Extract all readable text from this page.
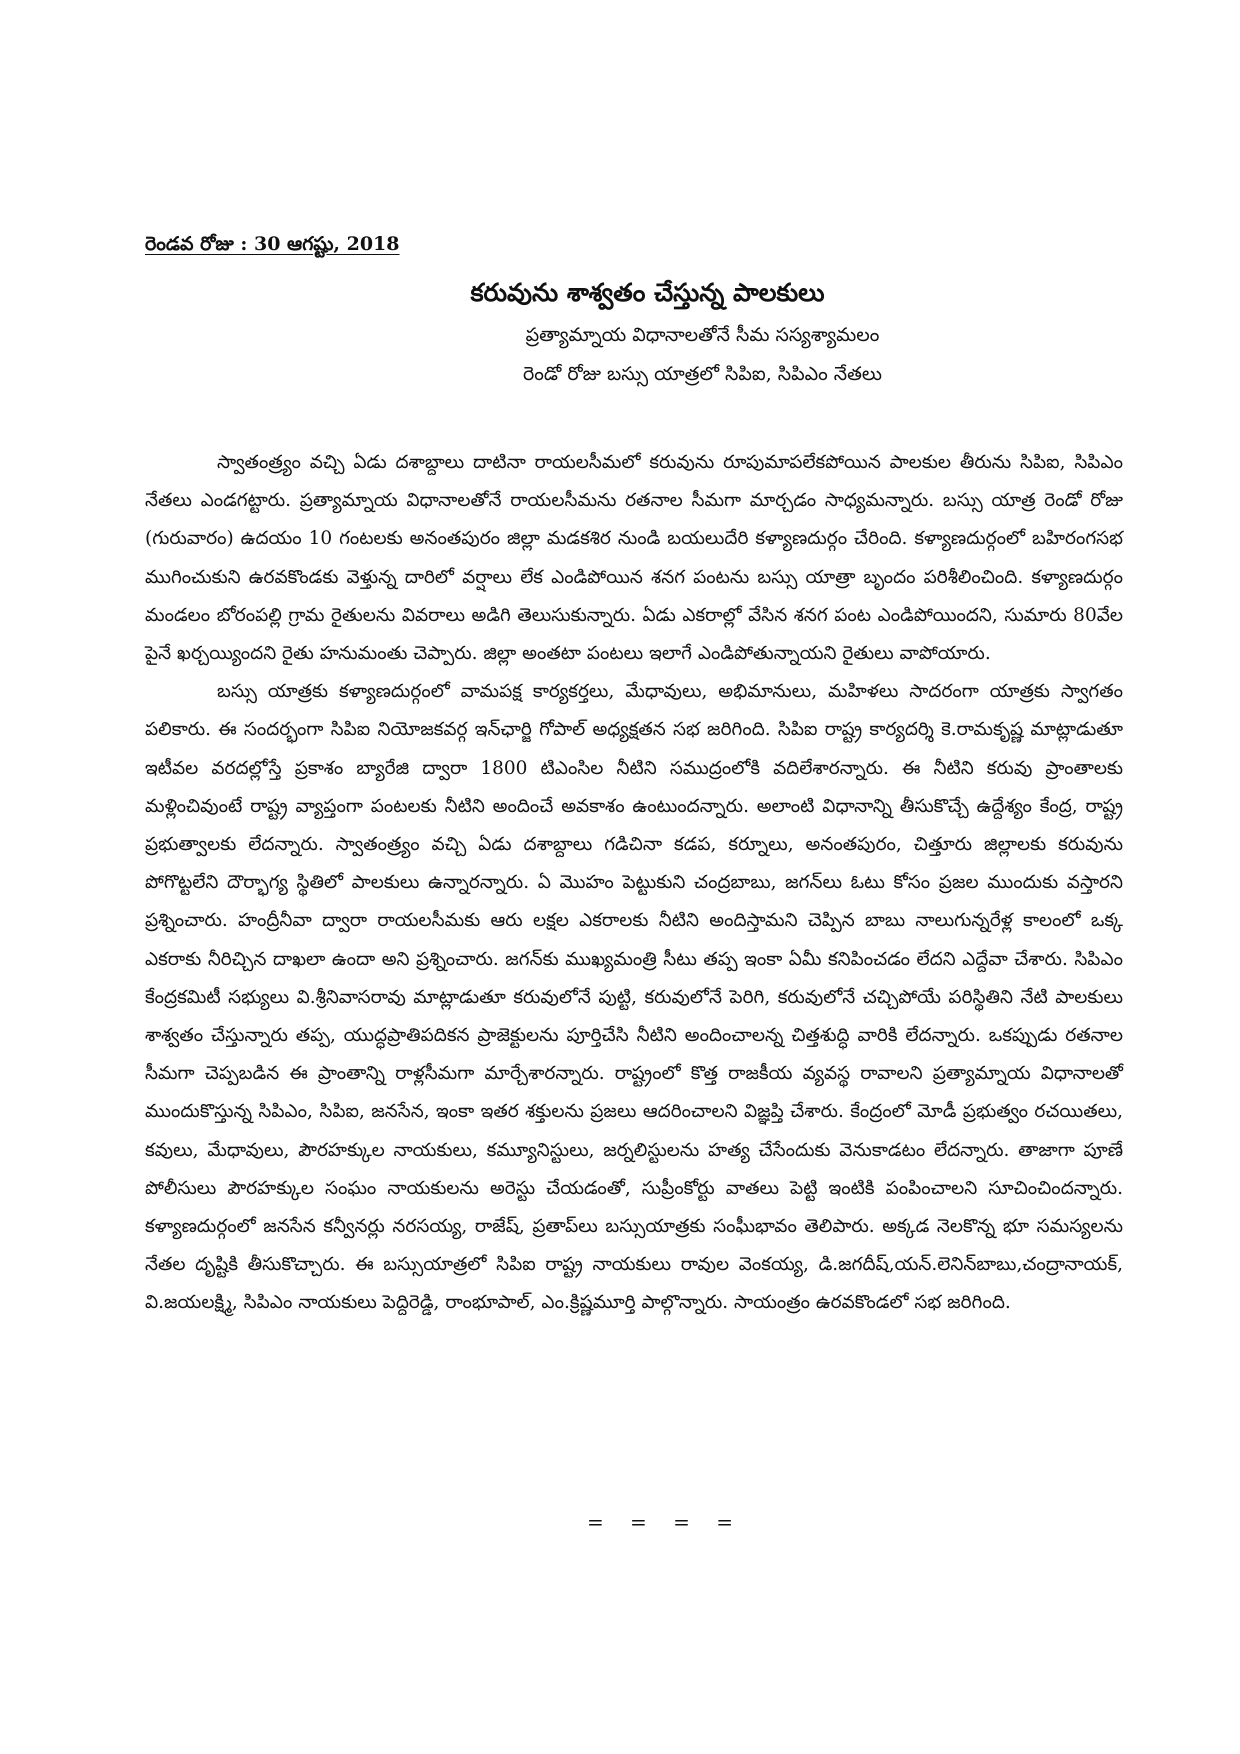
రెండవ రోజు : 30 ఆగష్టు, 2018
కరువును శాశ్వతం చేస్తున్న పాలకులు
ప్రత్యామ్నాయ విధానాలతోనే సీమ సస్యశ్యామలం
రెండో రోజు బస్సు యాత్రలో సిపిఐ, సిపిఎం నేతలు

స్వాతంత్ర్యం వచ్చి ఏడు దశాబ్దాలు దాటినా రాయలసీమలో కరువును రూపుమాపలేకపోయిన పాలకుల తీరును సిపిఐ, సిపిఎం నేతలు ఎండగట్టారు. ప్రత్యామ్నాయ విధానాలతోనే రాయలసీమను రతనాల సీమగా మార్చడం సాధ్యమన్నారు. బస్సు యాత్ర రెండో రోజు (గురువారం) ఉదయం 10 గంటలకు అనంతపురం జిల్లా మడకశిర నుండి బయలుదేరి కళ్యాణదుర్గం చేరింది. కళ్యాణదుర్గంలో బహిరంగసభ ముగించుకుని ఉరవకొండకు వెళ్తున్న దారిలో వర్షాలు లేక ఎండిపోయిన శనగ పంటను బస్సు యాత్రా బృందం పరిశీలించింది. కళ్యాణదుర్గం మండలం బోరంపల్లి గ్రామ రైతులను వివరాలు అడిగి తెలుసుకున్నారు. ఏడు ఎకరాల్లో వేసిన శనగ పంట ఎండిపోయిందని, సుమారు 80వేల పైనే ఖర్చయ్యిందని రైతు హనుమంతు చెప్పారు. జిల్లా అంతటా పంటలు ఇలాగే ఎండిపోతున్నాయని రైతులు వాపోయారు.

బస్సు యాత్రకు కళ్యాణదుర్గంలో వామపక్ష కార్యకర్తలు, మేధావులు, అభిమానులు, మహిళలు సాదరంగా యాత్రకు స్వాగతం పలికారు. ఈ సందర్భంగా సిపిఐ నియోజకవర్గ ఇన్‌ఛార్జి గోపాల్ అధ్యక్షతన సభ జరిగింది. సిపిఐ రాష్ట్ర కార్యదర్శి కె.రామకృష్ణ మాట్లాడుతూ ఇటీవల వరదల్లోస్తే ప్రకాశం బ్యారేజి ద్వారా 1800 టిఎంసిల నీటిని సముద్రంలోకి వదిలేశారన్నారు. ఈ నీటిని కరువు ప్రాంతాలకు మళ్లించివుంటే రాష్ట్ర వ్యాప్తంగా పంటలకు నీటిని అందించే అవకాశం ఉంటుందన్నారు. అలాంటి విధానాన్ని తీసుకొచ్చే ఉద్దేశ్యం కేంద్ర, రాష్ట్ర ప్రభుత్వాలకు లేదన్నారు. స్వాతంత్ర్యం వచ్చి ఏడు దశాబ్దాలు గడిచినా కడప, కర్నూలు, అనంతపురం, చిత్తూరు జిల్లాలకు కరువును పోగొట్టలేని దౌర్భాగ్య స్థితిలో పాలకులు ఉన్నారన్నారు. ఏ మొహం పెట్టుకుని చంద్రబాబు, జగన్‌లు ఓటు కోసం ప్రజల ముందుకు వస్తారని ప్రశ్నించారు. హంద్రీనీవా ద్వారా రాయలసీమకు ఆరు లక్షల ఎకరాలకు నీటిని అందిస్తామని చెప్పిన బాబు నాలుగున్నరేళ్ల కాలంలో ఒక్క ఎకరాకు నీరిచ్చిన దాఖలా ఉందా అని ప్రశ్నించారు. జగన్‌కు ముఖ్యమంత్రి సీటు తప్ప ఇంకా ఏమీ కనిపించడం లేదని ఎద్దేవా చేశారు. సిపిఎం కేంద్రకమిటీ సభ్యులు వి.శ్రీనివాసరావు మాట్లాడుతూ కరువులోనే పుట్టి, కరువులోనే పెరిగి, కరువులోనే చచ్చిపోయే పరిస్థితిని నేటి పాలకులు శాశ్వతం చేస్తున్నారు తప్ప, యుద్ధప్రాతిపదికన ప్రాజెక్టులను పూర్తిచేసి నీటిని అందించాలన్న చిత్తశుద్ధి వారికి లేదన్నారు. ఒకప్పుడు రతనాల సీమగా చెప్పబడిన ఈ ప్రాంతాన్ని రాళ్లసీమగా మార్చేశారన్నారు. రాష్ట్రంలో కొత్త రాజకీయ వ్యవస్థ రావాలని ప్రత్యామ్నాయ విధానాలతో ముందుకొస్తున్న సిపిఎం, సిపిఐ, జనసేన, ఇంకా ఇతర శక్తులను ప్రజలు ఆదరించాలని విజ్ఞప్తి చేశారు. కేంద్రంలో మోడీ ప్రభుత్వం రచయితలు, కవులు, మేధావులు, పౌరహక్కుల నాయకులు, కమ్యూనిస్టులు, జర్నలిస్టులను హత్య చేసేందుకు వెనుకాడటం లేదన్నారు. తాజాగా పూణే పోలీసులు పౌరహక్కుల సంఘం నాయకులను అరెస్టు చేయడంతో, సుప్రీంకోర్టు వాతలు పెట్టి ఇంటికి పంపించాలని సూచించిందన్నారు. కళ్యాణదుర్గంలో జనసేన కన్వీనర్లు నరసయ్య, రాజేష్, ప్రతాప్‌లు బస్సుయాత్రకు సంఘీభావం తెలిపారు. అక్కడ నెలకొన్న భూ సమస్యలను నేతల దృష్టికి తీసుకొచ్చారు. ఈ బస్సుయాత్రలో సిపిఐ రాష్ట్ర నాయకులు రావుల వెంకయ్య, డి.జగదీష్,యన్.లెనిన్‌బాబు,చంద్రానాయక్, వి.జయలక్ష్మి, సిపిఎం నాయకులు పెద్దిరెడ్డి, రాంభూపాల్, ఎం.క్రిష్ణమూర్తి పాల్గొన్నారు. సాయంత్రం ఉరవకొండలో సభ జరిగింది.

= = = =
